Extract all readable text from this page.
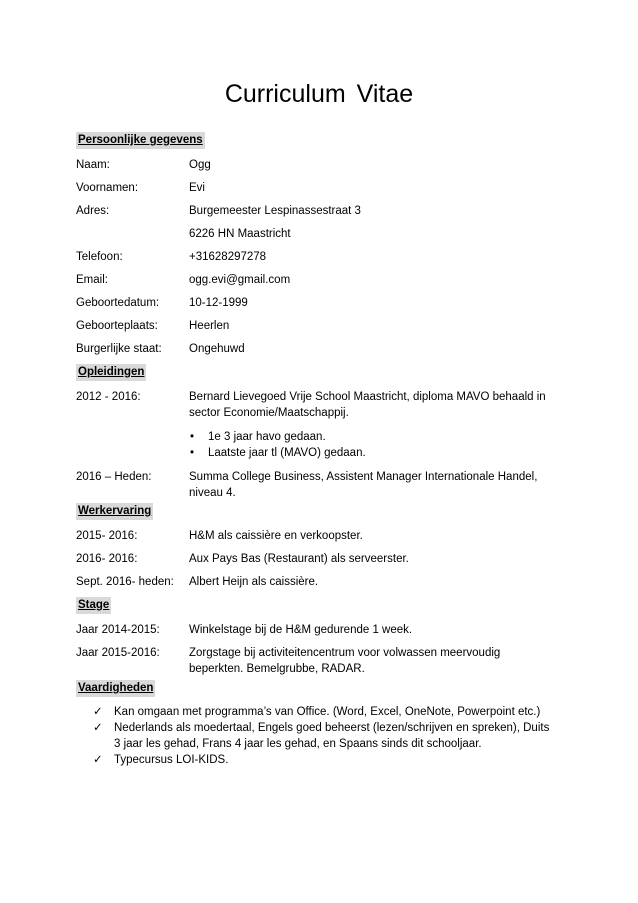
Curriculum Vitae
Persoonlijke gegevens
Naam:	Ogg
Voornamen:	Evi
Adres:	Burgemeester Lespinassestraat 3
6226 HN Maastricht
Telefoon:	+31628297278
Email:	ogg.evi@gmail.com
Geboortedatum:	10-12-1999
Geboorteplaats:	Heerlen
Burgerlijke staat: Ongehuwd
Opleidingen
2012 - 2016:	Bernard Lievegoed Vrije School Maastricht, diploma MAVO behaald in sector Economie/Maatschappij.
• 1e 3 jaar havo gedaan.
• Laatste jaar tl (MAVO) gedaan.
2016 – Heden:	Summa College Business, Assistent Manager Internationale Handel, niveau 4.
Werkervaring
2015- 2016:	H&M als caissière en verkoopster.
2016- 2016:	Aux Pays Bas (Restaurant) als serveerster.
Sept. 2016- heden: Albert Heijn als caissière.
Stage
Jaar 2014-2015:	Winkelstage bij de H&M gedurende 1 week.
Jaar 2015-2016:	Zorgstage bij activiteitencentrum voor volwassen meervoudig beperkten. Bemelgrubbe, RADAR.
Vaardigheden
✓ Kan omgaan met programma’s van Office. (Word, Excel, OneNote, Powerpoint etc.)
✓ Nederlands als moedertaal, Engels goed beheerst (lezen/schrijven en spreken), Duits 3 jaar les gehad, Frans 4 jaar les gehad, en Spaans sinds dit schooljaar.
✓ Typecursus LOI-KIDS.
